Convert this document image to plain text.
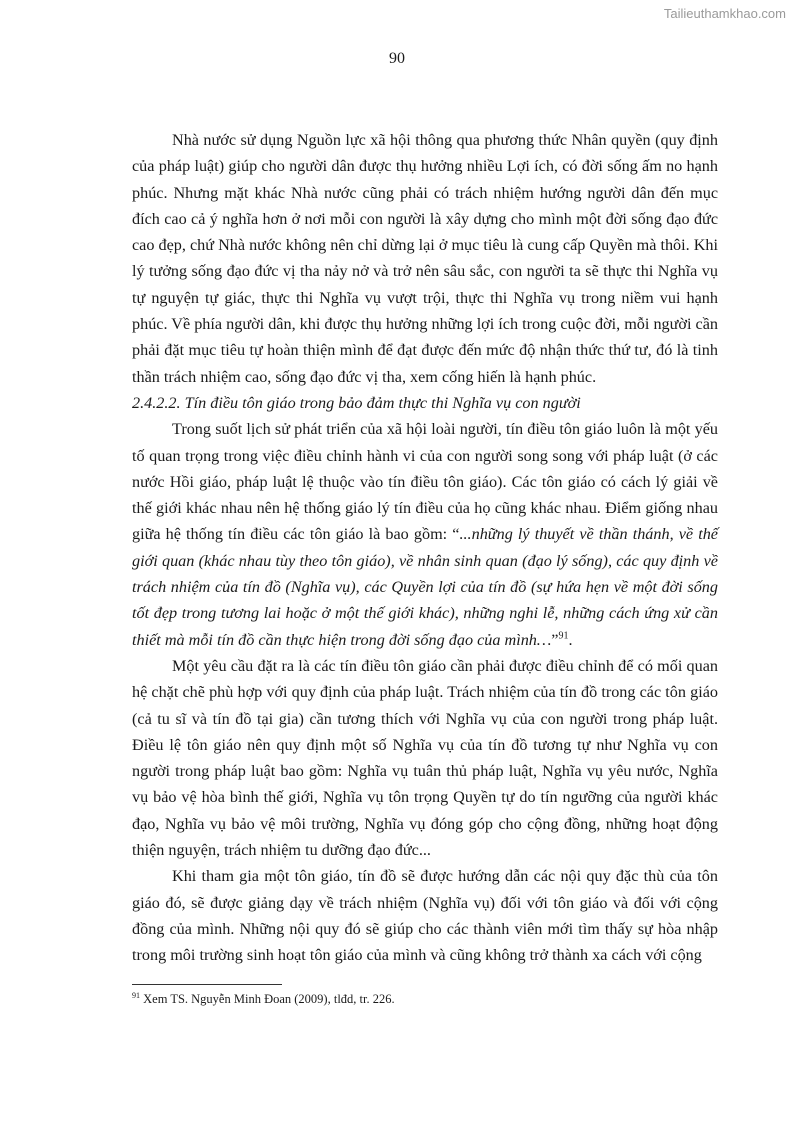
Tailieuthamkhao.com
90

Nhà nước sử dụng Nguồn lực xã hội thông qua phương thức Nhân quyền (quy định của pháp luật) giúp cho người dân được thụ hưởng nhiều Lợi ích, có đời sống ấm no hạnh phúc. Nhưng mặt khác Nhà nước cũng phải có trách nhiệm hướng người dân đến mục đích cao cả ý nghĩa hơn ở nơi mỗi con người là xây dựng cho mình một đời sống đạo đức cao đẹp, chứ Nhà nước không nên chỉ dừng lại ở mục tiêu là cung cấp Quyền mà thôi. Khi lý tưởng sống đạo đức vị tha nảy nở và trở nên sâu sắc, con người ta sẽ thực thi Nghĩa vụ tự nguyện tự giác, thực thi Nghĩa vụ vượt trội, thực thi Nghĩa vụ trong niềm vui hạnh phúc. Về phía người dân, khi được thụ hưởng những lợi ích trong cuộc đời, mỗi người cần phải đặt mục tiêu tự hoàn thiện mình để đạt được đến mức độ nhận thức thứ tư, đó là tinh thần trách nhiệm cao, sống đạo đức vị tha, xem cống hiến là hạnh phúc.

2.4.2.2. Tín điều tôn giáo trong bảo đảm thực thi Nghĩa vụ con người

Trong suốt lịch sử phát triển của xã hội loài người, tín điều tôn giáo luôn là một yếu tố quan trọng trong việc điều chỉnh hành vi của con người song song với pháp luật (ở các nước Hồi giáo, pháp luật lệ thuộc vào tín điều tôn giáo). Các tôn giáo có cách lý giải về thế giới khác nhau nên hệ thống giáo lý tín điều của họ cũng khác nhau. Điểm giống nhau giữa hệ thống tín điều các tôn giáo là bao gồm: “...những lý thuyết về thần thánh, về thế giới quan (khác nhau tùy theo tôn giáo), về nhân sinh quan (đạo lý sống), các quy định về trách nhiệm của tín đồ (Nghĩa vụ), các Quyền lợi của tín đồ (sự hứa hẹn về một đời sống tốt đẹp trong tương lai hoặc ở một thế giới khác), những nghi lễ, những cách ứng xử cần thiết mà mỗi tín đồ cần thực hiện trong đời sống đạo của mình…”$^{91}$.

Một yêu cầu đặt ra là các tín điều tôn giáo cần phải được điều chỉnh để có mối quan hệ chặt chẽ phù hợp với quy định của pháp luật. Trách nhiệm của tín đồ trong các tôn giáo (cả tu sĩ và tín đồ tại gia) cần tương thích với Nghĩa vụ của con người trong pháp luật. Điều lệ tôn giáo nên quy định một số Nghĩa vụ của tín đồ tương tự như Nghĩa vụ con người trong pháp luật bao gồm: Nghĩa vụ tuân thủ pháp luật, Nghĩa vụ yêu nước, Nghĩa vụ bảo vệ hòa bình thế giới, Nghĩa vụ tôn trọng Quyền tự do tín ngưỡng của người khác đạo, Nghĩa vụ bảo vệ môi trường, Nghĩa vụ đóng góp cho cộng đồng, những hoạt động thiện nguyện, trách nhiệm tu dưỡng đạo đức...

Khi tham gia một tôn giáo, tín đồ sẽ được hướng dẫn các nội quy đặc thù của tôn giáo đó, sẽ được giảng dạy về trách nhiệm (Nghĩa vụ) đối với tôn giáo và đối với cộng đồng của mình. Những nội quy đó sẽ giúp cho các thành viên mới tìm thấy sự hòa nhập trong môi trường sinh hoạt tôn giáo của mình và cũng không trở thành xa cách với cộng

$^{91}$ Xem TS. Nguyễn Minh Đoan (2009), tlđd, tr. 226.
